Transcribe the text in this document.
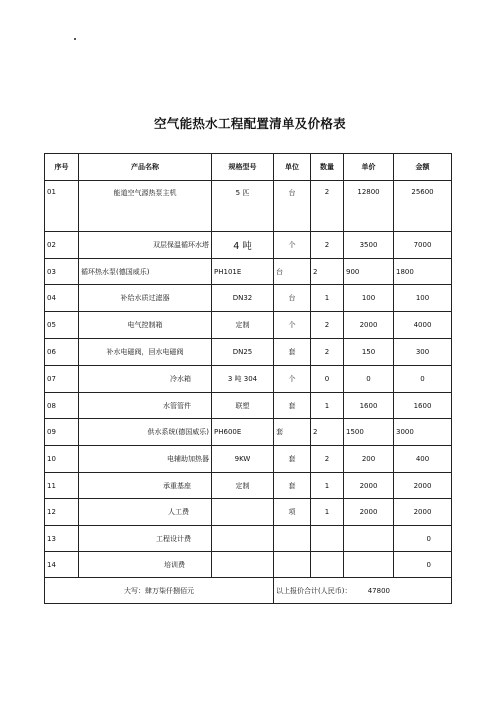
空气能热水工程配置清单及价格表
序号	产品名称	规格型号	单位	数量	单价	金额
01	能道空气源热泵主机	5 匹	台	2	12800	25600
02	双层保温循环水塔	4 吨	个	2	3500	7000
03	循环热水泵(德国威乐)	PH101E	台	2	900	1800
04	补给水质过滤器	DN32	台	1	100	100
05	电气控制箱	定制	个	2	2000	4000
06	补水电磁阀，回水电磁阀	DN25	套	2	150	300
07	冷水箱	3 吨 304	个	0	0	0
08	水管管件	联塑	套	1	1600	1600
09	供水系统(德国威乐)	PH600E	套	2	1500	3000
10	电辅助加热器	9KW	套	2	200	400
11	承重基座	定制	套	1	2000	2000
12	人工费		项	1	2000	2000
13	工程设计费					0
14	培训费					0
大写：肆万柒仟捌佰元			以上报价合计(人民币)： 47800			
